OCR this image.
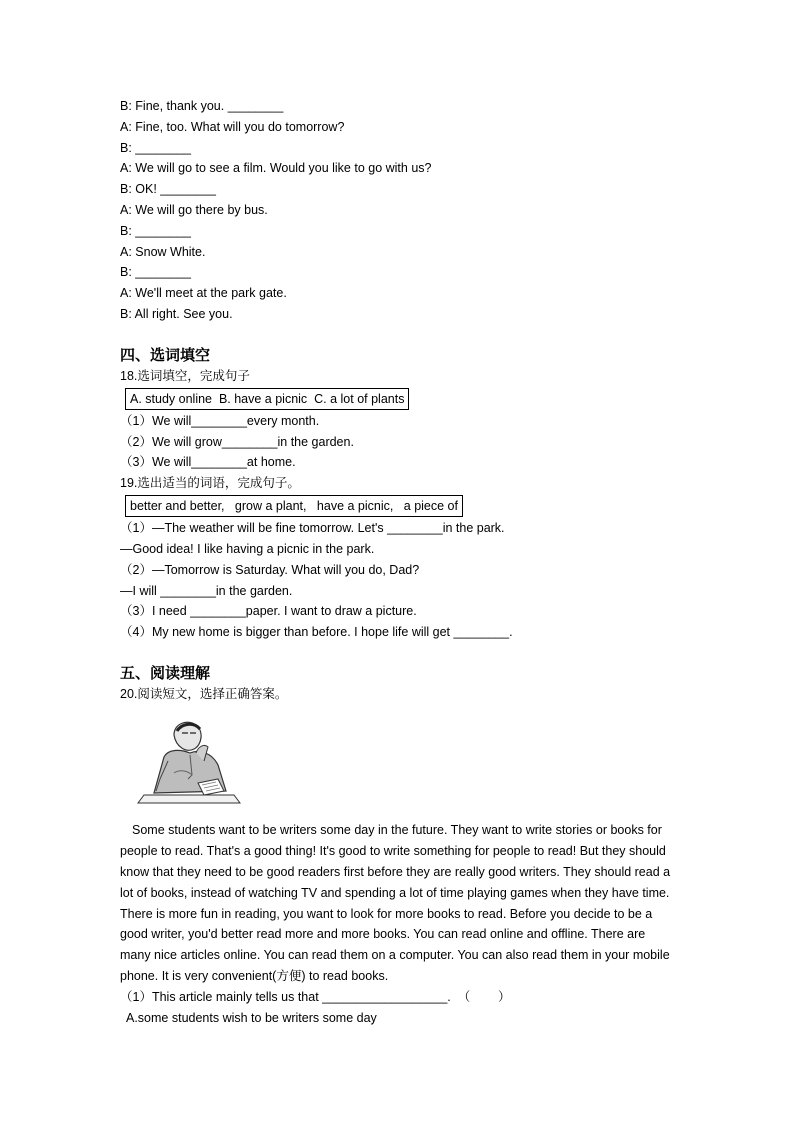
B: Fine, thank you. ________
A: Fine, too. What will you do tomorrow?
B: ________
A: We will go to see a film. Would you like to go with us?
B: OK! ________
A: We will go there by bus.
B: ________
A: Snow White.
B: ________
A: We'll meet at the park gate.
B: All right. See you.
四、选词填空
18.选词填空，完成句子
A. study online  B. have a picnic  C. a lot of plants
（1）We will________every month.
（2）We will grow________in the garden.
（3）We will________at home.
19.选出适当的词语，完成句子。
better and better,   grow a plant,   have a picnic,   a piece of
（1）—The weather will be fine tomorrow. Let's ________in the park.
—Good idea! I like having a picnic in the park.
（2）—Tomorrow is Saturday. What will you do, Dad?
—I will ________in the garden.
（3）I need ________paper. I want to draw a picture.
（4）My new home is bigger than before. I hope life will get ________.
五、阅读理解
20.阅读短文，选择正确答案。
Some students want to be writers some day in the future. They want to write stories or books for people to read. That's a good thing! It's good to write something for people to read! But they should know that they need to be good readers first before they are really good writers. They should read a lot of books, instead of watching TV and spending a lot of time playing games when they have time. There is more fun in reading, you want to look for more books to read. Before you decide to be a good writer, you'd better read more and more books. You can read online and offline. There are many nice articles online. You can read them on a computer. You can also read them in your mobile phone. It is very convenient(方便) to read books.
（1）This article mainly tells us that __________________.  （        ）
A.some students wish to be writers some day
